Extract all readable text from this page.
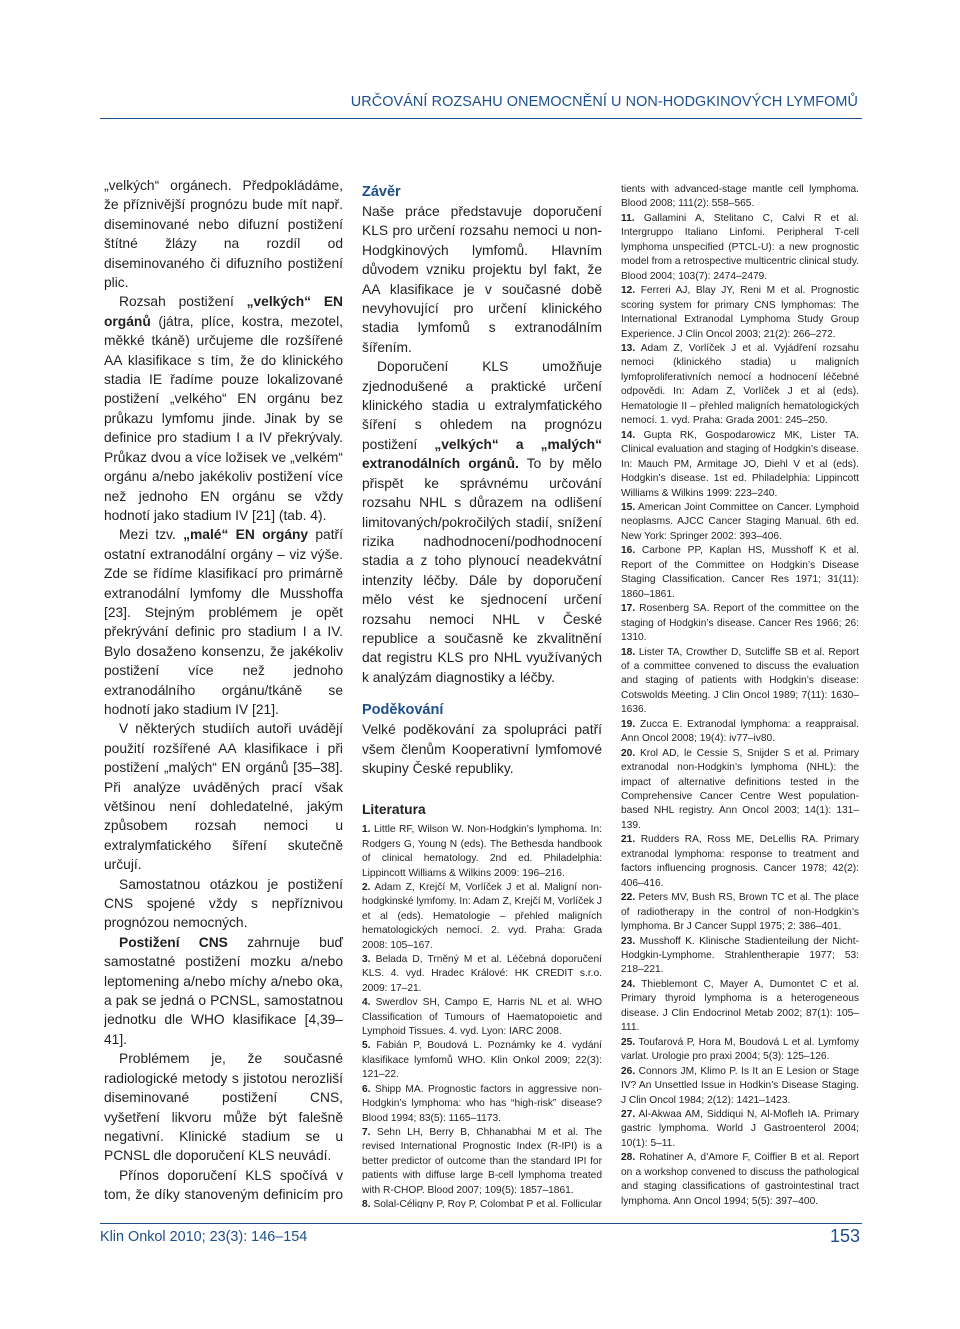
URČOVÁNÍ ROZSAHU ONEMOCNĚNÍ U NON-HODGKINOVÝCH LYMFOMŮ

„velkých“ orgánech. Předpokládáme, že příznivější prognózu bude mít např. diseminované nebo difuzní postižení štítné žlázy na rozdíl od diseminovaného či difuzního postižení plic.

Rozsah postižení „velkých“ EN orgánů (játra, plíce, kostra, mezotel, měkké tkáně) určujeme dle rozšířené AA klasifikace s tím, že do klinického stadia IE řadíme pouze lokalizované postižení „velkého“ EN orgánu bez průkazu lymfomu jinde. Jinak by se definice pro stadium I a IV překrývaly. Průkaz dvou a více ložisek ve „velkém“ orgánu a/nebo jakékoliv postižení více než jednoho EN orgánu se vždy hodnotí jako stadium IV [21] (tab. 4).

Mezi tzv. „malé“ EN orgány patří ostatní extranodální orgány – viz výše. Zde se řídíme klasifikací pro primárně extranodální lymfomy dle Musshoffa [23]. Stejným problémem je opět překrývání definic pro stadium I a IV. Bylo dosaženo konsenzu, že jakékoliv postižení více než jednoho extranodálního orgánu/tkáně se hodnotí jako stadium IV [21].

V některých studiích autoři uvádějí použití rozšířené AA klasifikace i při postižení „malých“ EN orgánů [35–38]. Při analýze uváděných prací však většinou není dohledatelné, jakým způsobem rozsah nemoci u extralymfatického šíření skutečně určují.

Samostatnou otázkou je postižení CNS spojené vždy s nepříznivou prognózou nemocných.

Postižení CNS zahrnuje buď samostatné postižení mozku a/nebo leptomening a/nebo míchy a/nebo oka, a pak se jedná o PCNSL, samostatnou jednotku dle WHO klasifikace [4,39–41].

Problémem je, že současné radiologické metody s jistotou nerozliší diseminované postižení CNS, vyšetření likvoru může být falešně negativní. Klinické stadium se u PCNSL dle doporučení KLS neuvádí.

Přínos doporučení KLS spočívá v tom, že díky stanoveným definicím pro

Závěr

Naše práce představuje doporučení KLS pro určení rozsahu nemoci u non-Hodgkinových lymfomů. Hlavním důvodem vzniku projektu byl fakt, že AA klasifikace je v současné době nevyhovující pro určení klinického stadia lymfomů s extranodálním šířením.

Doporučení KLS umožňuje zjednodušené a praktické určení klinického stadia u extralymfatického šíření s ohledem na prognózu postižení „velkých“ a „malých“ extranodálních orgánů. To by mělo přispět ke správnému určování rozsahu NHL s důrazem na odlišení limitovaných/pokročilých stadií, snížení rizika nadhodnocení/podhodnocení stadia a z toho plynoucí neadekvátní intenzity léčby. Dále by doporučení mělo vést ke sjednocení určení rozsahu nemoci NHL v České republice a současně ke zkvalitnění dat registru KLS pro NHL využívaných k analýzám diagnostiky a léčby.

Poděkování

Velké poděkování za spolupráci patří všem členům Kooperativní lymfomové skupiny České republiky.

Literatura
1. Little RF, Wilson W. Non-Hodgkin’s lymphoma. In: Rodgers G, Young N (eds). The Bethesda handbook of clinical hematology. 2nd ed. Philadelphia: Lippincott Williams & Wilkins 2009: 196–216.
2. Adam Z, Krejčí M, Vorlíček J et al. Maligní non-hodgkinské lymfomy. In: Adam Z, Krejčí M, Vorlíček J et al (eds). Hematologie – přehled maligních hematologických nemocí. 2. vyd. Praha: Grada 2008: 105–167.
3. Belada D, Trněný M et al. Léčebná doporučení KLS. 4. vyd. Hradec Králové: HK CREDIT s.r.o. 2009: 17–21.
4. Swerdlov SH, Campo E, Harris NL et al. WHO Classification of Tumours of Haematopoietic and Lymphoid Tissues. 4. vyd. Lyon: IARC 2008.
5. Fabián P, Boudová L. Poznámky ke 4. vydání klasifikace lymfomů WHO. Klin Onkol 2009; 22(3): 121–22.
6. Shipp MA. Prognostic factors in aggressive non-Hodgkin’s lymphoma: who has “high-risk” disease? Blood 1994; 83(5): 1165–1173.
7. Sehn LH, Berry B, Chhanabhai M et al. The revised International Prognostic Index (R-IPI) is a better predictor of outcome than the standard IPI for patients with diffuse large B-cell lymphoma treated with R-CHOP. Blood 2007; 109(5): 1857–1861.
8. Solal-Céligny P, Roy P, Colombat P et al. Follicular
tients with advanced-stage mantle cell lymphoma. Blood 2008; 111(2): 558–565.
11. Gallamini A, Stelitano C, Calvi R et al. Intergruppo Italiano Linfomi. Peripheral T-cell lymphoma unspecified (PTCL-U): a new prognostic model from a retrospective multicentric clinical study. Blood 2004; 103(7): 2474–2479.
12. Ferreri AJ, Blay JY, Reni M et al. Prognostic scoring system for primary CNS lymphomas: The International Extranodal Lymphoma Study Group Experience. J Clin Oncol 2003; 21(2): 266–272.
13. Adam Z, Vorlíček J et al. Vyjádření rozsahu nemoci (klinického stadia) u maligních lymfoproliferativních nemocí a hodnocení léčebné odpovědi. In: Adam Z, Vorlíček J et al (eds). Hematologie II – přehled maligních hematologických nemocí. 1. vyd. Praha: Grada 2001: 245–250.
14. Gupta RK, Gospodarowicz MK, Lister TA. Clinical evaluation and staging of Hodgkin’s disease. In: Mauch PM, Armitage JO, Diehl V et al (eds). Hodgkin’s disease. 1st ed. Philadelphia: Lippincott Williams & Wilkins 1999: 223–240.
15. American Joint Committee on Cancer. Lymphoid neoplasms. AJCC Cancer Staging Manual. 6th ed. New York: Springer 2002: 393–406.
16. Carbone PP, Kaplan HS, Musshoff K et al. Report of the Committee on Hodgkin’s Disease Staging Classification. Cancer Res 1971; 31(11): 1860–1861.
17. Rosenberg SA. Report of the committee on the staging of Hodgkin’s disease. Cancer Res 1966; 26: 1310.
18. Lister TA, Crowther D, Sutcliffe SB et al. Report of a committee convened to discuss the evaluation and staging of patients with Hodgkin’s disease: Cotswolds Meeting. J Clin Oncol 1989; 7(11): 1630–1636.
19. Zucca E. Extranodal lymphoma: a reappraisal. Ann Oncol 2008; 19(4): iv77–iv80.
20. Krol AD, le Cessie S, Snijder S et al. Primary extranodal non-Hodgkin’s lymphoma (NHL): the impact of alternative definitions tested in the Comprehensive Cancer Centre West population-based NHL registry. Ann Oncol 2003; 14(1): 131–139.
21. Rudders RA, Ross ME, DeLellis RA. Primary extranodal lymphoma: response to treatment and factors influencing prognosis. Cancer 1978; 42(2): 406–416.
22. Peters MV, Bush RS, Brown TC et al. The place of radiotherapy in the control of non-Hodgkin’s lymphoma. Br J Cancer Suppl 1975; 2: 386–401.
23. Musshoff K. Klinische Stadienteilung der Nicht-Hodgkin-Lymphome. Strahlentherapie 1977; 53: 218–221.
24. Thieblemont C, Mayer A, Dumontet C et al. Primary thyroid lymphoma is a heterogeneous disease. J Clin Endocrinol Metab 2002; 87(1): 105–111.
25. Toufarová P, Hora M, Boudová L et al. Lymfomy varlat. Urologie pro praxi 2004; 5(3): 125–126.
26. Connors JM, Klimo P. Is It an E Lesion or Stage IV? An Unsettled Issue in Hodkin’s Disease Staging. J Clin Oncol 1984; 2(12): 1421–1423.
27. Al-Akwaa AM, Siddiqui N, Al-Mofleh IA. Primary gastric lymphoma. World J Gastroenterol 2004; 10(1): 5–11.
28. Rohatiner A, d’Amore F, Coiffier B et al. Report on a workshop convened to discuss the pathological and staging classifications of gastrointestinal tract lymphoma. Ann Oncol 1994; 5(5): 397–400.
Klin Onkol 2010; 23(3): 146–154	153
